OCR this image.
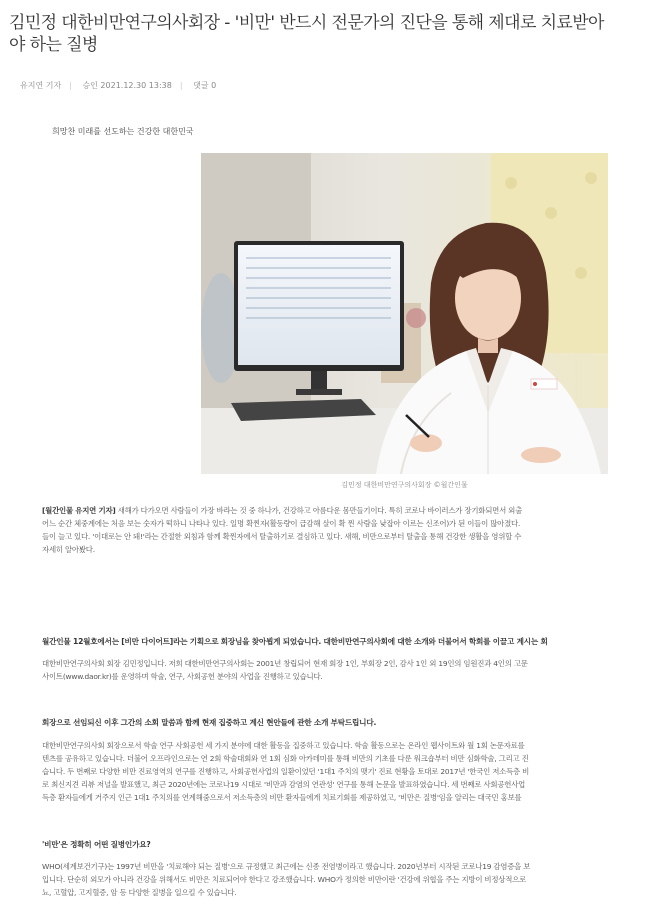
김민정 대한비만연구의사회장 - '비만' 반드시 전문가의 진단을 통해 제대로 치료받아야 하는 질병
유지연 기자 | 승인 2021.12.30 13:38 | 댓글 0
희망찬 미래를 선도하는 건강한 대한민국
김민정 대한비만연구의사회장 ©월간인물
[월간인물 유지연 기자] 새해가 다가오면 사람들이 가장 바라는 것 중 하나가, 건강하고 아름다운 몸만들기이다. 특히 코로나 바이러스가 장기화되면서 외출
어느 순간 체중계에는 처음 보는 숫자가 떡하니 나타나 있다. 일명 확찐자(활동량이 급감해 살이 확 찐 사람을 낮잡아 이르는 신조어)가 된 이들이 많아졌다.
들이 늘고 있다. '이대로는 안 돼!'라는 간절한 외침과 함께 확찐자에서 탈출하기로 결심하고 있다. 새해, 비만으로부터 탈출을 통해 건강한 생활을 영위할 수
자세히 알아봤다.
월간인물 12월호에서는 [비만 다이어트]라는 기획으로 회장님을 찾아뵙게 되었습니다. 대한비만연구의사회에 대한 소개와 더불어서 학회를 이끌고 계시는 회
대한비만연구의사회 회장 김민정입니다. 저희 대한비만연구의사회는 2001년 창립되어 현재 회장 1인, 부회장 2인, 감사 1인 외 19인의 임원진과 4인의 고문
사이트(www.daor.kr)를 운영하며 학술, 연구, 사회공헌 분야의 사업을 진행하고 있습니다.
회장으로 선임되신 이후 그간의 소회 말씀과 함께 현재 집중하고 계신 현안들에 관한 소개 부탁드립니다.
대한비만연구의사회 회장으로서 학술 연구 사회공헌 세 가지 분야에 대한 활동을 집중하고 있습니다. 학술 활동으로는 온라인 웹사이트와 월 1회 논문자료를
텐츠를 공유하고 있습니다. 더불어 오프라인으로는 연 2회 학술대회와 연 1회 심화 아카데미를 통해 비만의 기초를 다룬 워크숍부터 비만 심화학술, 그리고 진
습니다. 두 번째로 다양한 비만 진료영역의 연구를 진행하고, 사회공헌사업의 일환이었던 '1대1 주치의 맺기' 진료 현황을 토대로 2017년 '한국인 저소득층 비
로 최신지견 리뷰 저널을 발표했고, 최근 2020년에는 코로나19 시대로 '비만과 감염의 연관성' 연구를 통해 논문을 발표하였습니다. 세 번째로 사회공헌사업
득층 환자들에게 거주지 인근 1대1 주치의를 연계해줌으로서 저소득층의 비만 환자들에게 치료기회를 제공하였고, '비만은 질병'임을 알리는 대국민 홍보를
'비만'은 정확히 어떤 질병인가요?
WHO(세계보건기구)는 1997년 비만을 '치료해야 되는 질병'으로 규정했고 최근에는 신종 전염병이라고 했습니다. 2020년부터 시작된 코로나19 감염증을 보
입니다. 단순히 외모가 아니라 건강을 위해서도 비만은 치료되어야 한다고 강조했습니다. WHO가 정의한 비만이란 '건강에 위협을 주는 지방이 비정상적으로
뇨, 고혈압, 고지혈증, 암 등 다양한 질병을 일으킬 수 있습니다.
